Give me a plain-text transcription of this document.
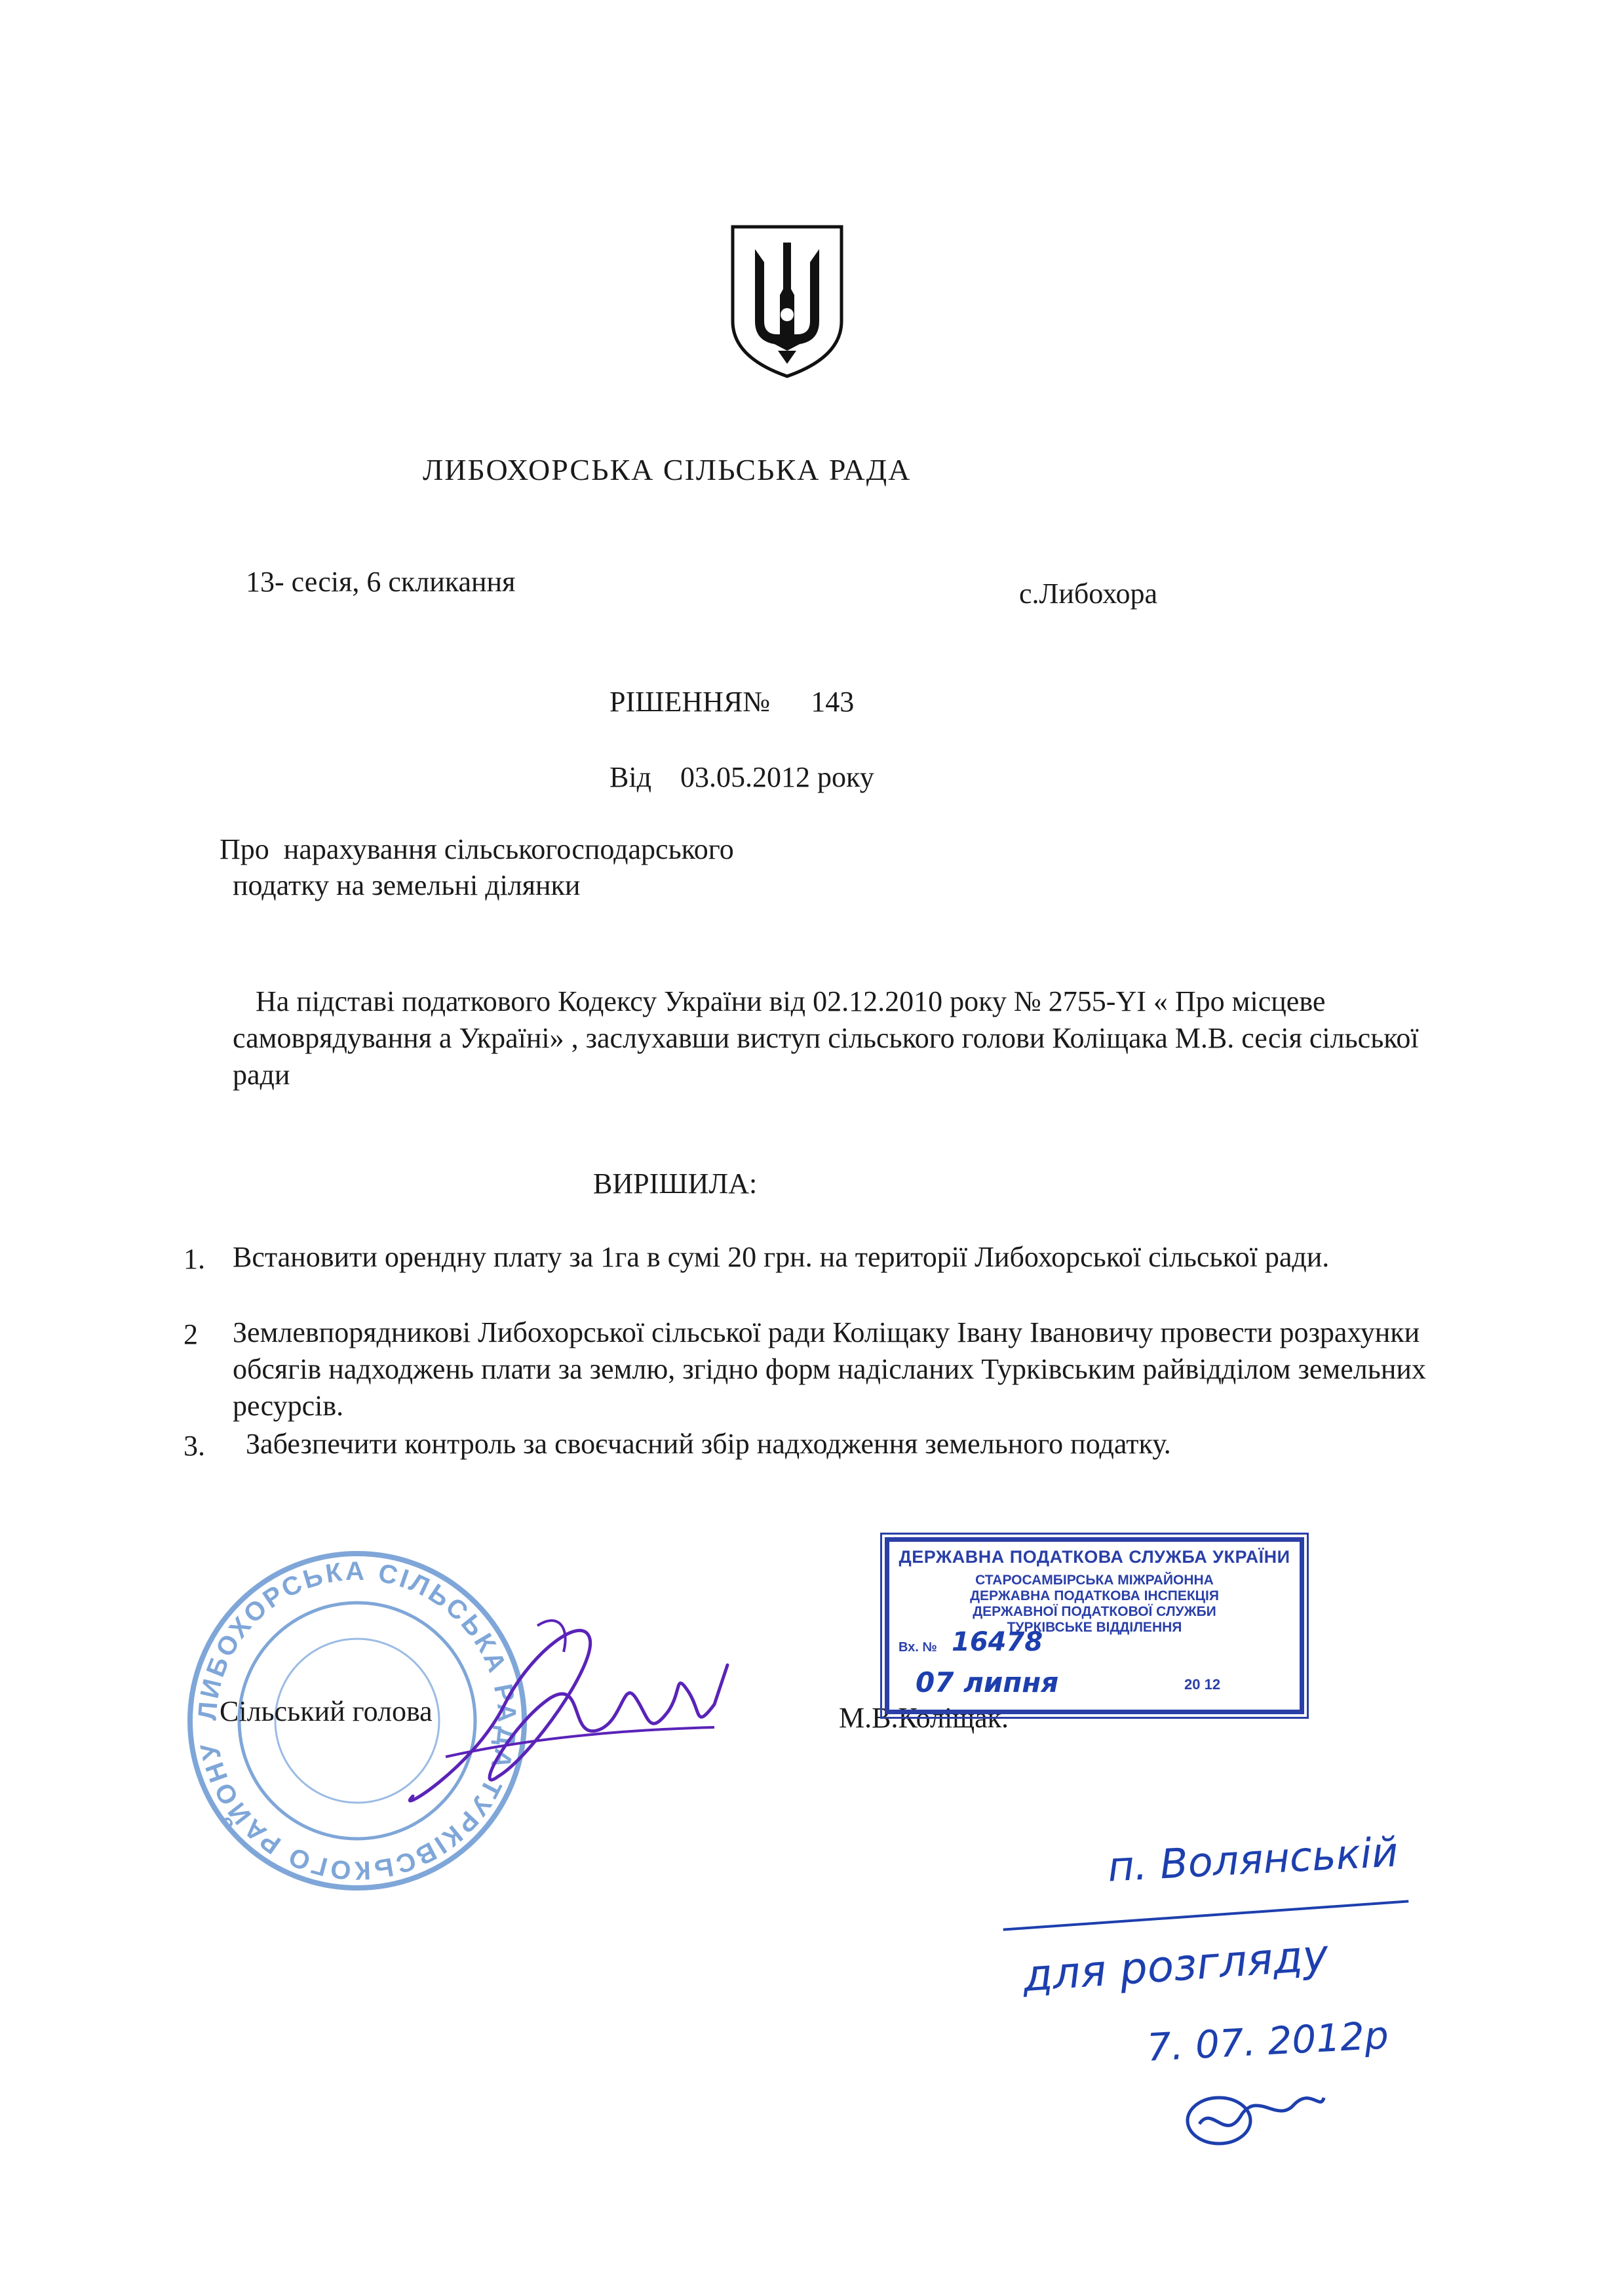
ЛИБОХОРСЬКА СІЛЬСЬКА РАДА
13- сесія, 6 скликання	с.Либохора
РІШЕННЯ№ 143
Від    03.05.2012 року
Про  нарахування сільськогосподарського
податку на земельні ділянки
На підставі податкового Кодексу України від 02.12.2010 року № 2755-YI « Про місцеве самоврядування а Україні» , заслухавши виступ сільського голови Коліщака М.В. сесія сільської ради
ВИРІШИЛА:
1. Встановити орендну плату за 1га в сумі 20 грн. на території Либохорської сільської ради.
2 Землевпорядникові Либохорської сільської ради Коліщаку Івану Івановичу провести розрахунки обсягів надходжень плати за землю, згідно форм надісланих Турківським райвідділом земельних ресурсів.
3. Забезпечити контроль за своєчасний збір надходження земельного податку.
ЛИБОХОРСЬКА СІЛЬСЬКА РАДА ТУРКІВСЬКОГО РАЙОНУ
Сільський голова	М.В.Коліщак.
ДЕРЖАВНА ПОДАТКОВА СЛУЖБА УКРАЇНИ
СТАРОСАМБІРСЬКА МІЖРАЙОННА
ДЕРЖАВНА ПОДАТКОВА ІНСПЕКЦІЯ
ДЕРЖАВНОЇ ПОДАТКОВОЇ СЛУЖБИ
ТУРКІВСЬКЕ ВІДДІЛЕННЯ
Вх. № 16478
07 липня	20 12
п. Волянській
для розгляду
7. 07. 2012р
